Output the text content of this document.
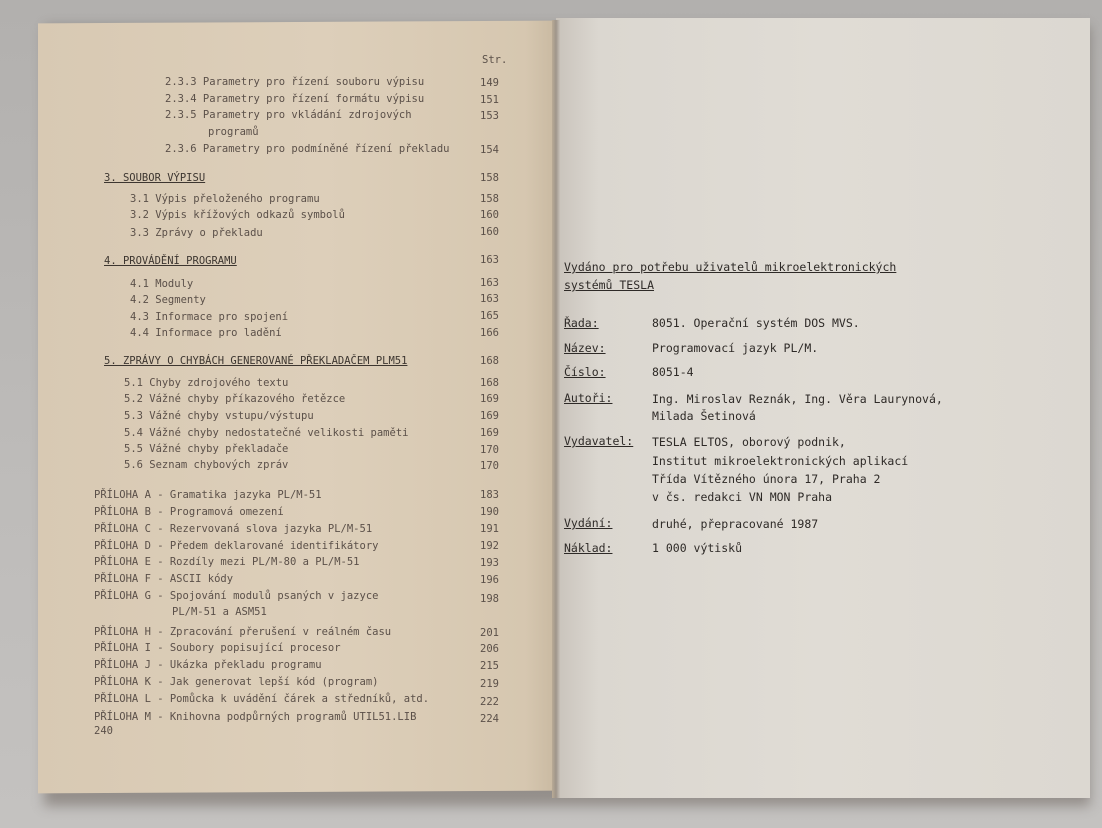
Str.
2.3.3 Parametry pro řízení souboru výpisu	149
2.3.4 Parametry pro řízení formátu výpisu	151
2.3.5 Parametry pro vkládání zdrojových	153
programů
2.3.6 Parametry pro podmíněné řízení překladu	154
3. SOUBOR VÝPISU	158
3.1 Výpis přeloženého programu	158
3.2 Výpis křížových odkazů symbolů	160
3.3 Zprávy o překladu	160
4. PROVÁDĚNÍ PROGRAMU	163
4.1 Moduly	163
4.2 Segmenty	163
4.3 Informace pro spojení	165
4.4 Informace pro ladění	166
5. ZPRÁVY O CHYBÁCH GENEROVANÉ PŘEKLADAČEM PLM51	168
5.1 Chyby zdrojového textu	168
5.2 Vážné chyby příkazového řetězce	169
5.3 Vážné chyby vstupu/výstupu	169
5.4 Vážné chyby nedostatečné velikosti paměti	169
5.5 Vážné chyby překladače	170
5.6 Seznam chybových zpráv	170
PŘÍLOHA A - Gramatika jazyka PL/M-51	183
PŘÍLOHA B - Programová omezení	190
PŘÍLOHA C - Rezervovaná slova jazyka PL/M-51	191
PŘÍLOHA D - Předem deklarované identifikátory	192
PŘÍLOHA E - Rozdíly mezi PL/M-80 a PL/M-51	193
PŘÍLOHA F - ASCII kódy	196
PŘÍLOHA G - Spojování modulů psaných v jazyce	198
PL/M-51 a ASM51
PŘÍLOHA H - Zpracování přerušení v reálném času	201
PŘÍLOHA I - Soubory popisující procesor	206
PŘÍLOHA J - Ukázka překladu programu	215
PŘÍLOHA K - Jak generovat lepší kód (program)	219
PŘÍLOHA L - Pomůcka k uvádění čárek a středníků, atd.	222
PŘÍLOHA M - Knihovna podpůrných programů UTIL51.LIB	224
240
Vydáno pro potřebu uživatelů mikroelektronických
systémů TESLA
Řada:	8051. Operační systém DOS MVS.
Název:	Programovací jazyk PL/M.
Číslo:	8051-4
Autoři:	Ing. Miroslav Reznák, Ing. Věra Laurynová,
Milada Šetinová
Vydavatel: TESLA ELTOS, oborový podnik,
Institut mikroelektronických aplikací
Třída Vítězného února 17, Praha 2
v čs. redakci VN MON Praha
Vydání:	druhé, přepracované 1987
Náklad:	1 000 výtisků
